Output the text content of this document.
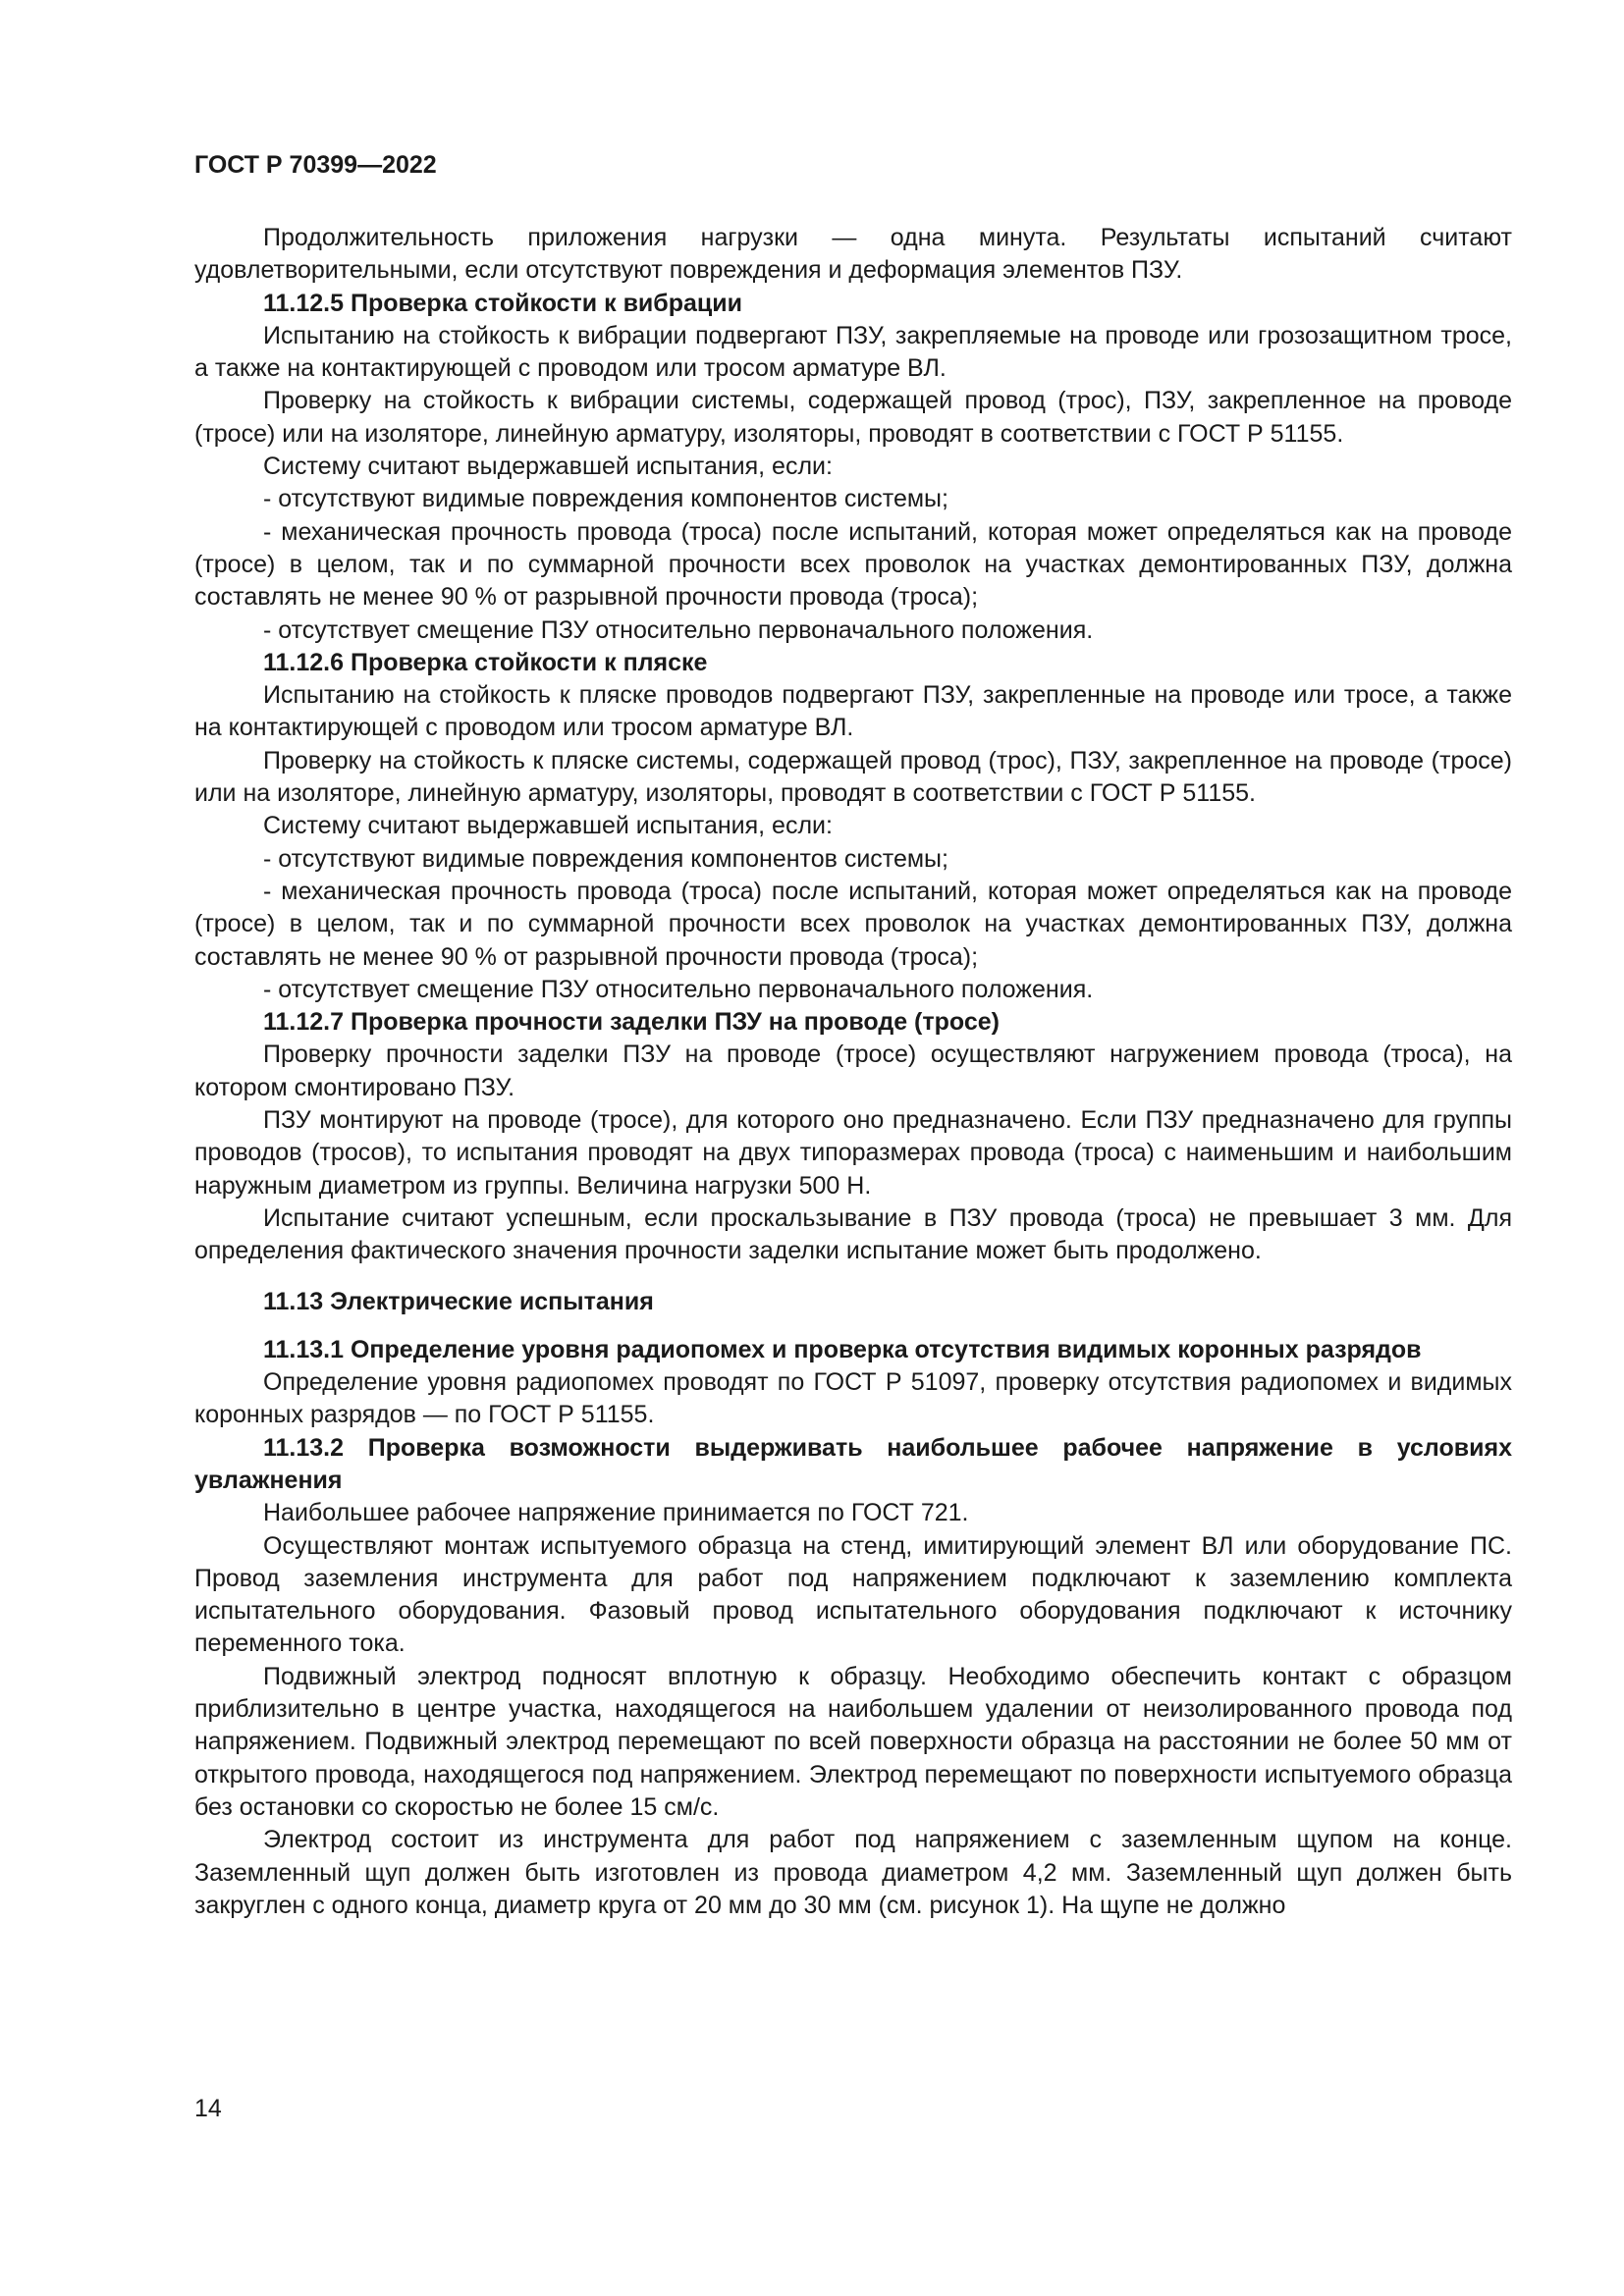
ГОСТ Р 70399—2022

Продолжительность приложения нагрузки — одна минута. Результаты испытаний считают удовлетворительными, если отсутствуют повреждения и деформация элементов ПЗУ.

11.12.5 Проверка стойкости к вибрации

Испытанию на стойкость к вибрации подвергают ПЗУ, закрепляемые на проводе или грозозащитном тросе, а также на контактирующей с проводом или тросом арматуре ВЛ.

Проверку на стойкость к вибрации системы, содержащей провод (трос), ПЗУ, закрепленное на проводе (тросе) или на изоляторе, линейную арматуру, изоляторы, проводят в соответствии с ГОСТ Р 51155.

Систему считают выдержавшей испытания, если:

- отсутствуют видимые повреждения компонентов системы;

- механическая прочность провода (троса) после испытаний, которая может определяться как на проводе (тросе) в целом, так и по суммарной прочности всех проволок на участках демонтированных ПЗУ, должна составлять не менее 90 % от разрывной прочности провода (троса);

- отсутствует смещение ПЗУ относительно первоначального положения.

11.12.6 Проверка стойкости к пляске

Испытанию на стойкость к пляске проводов подвергают ПЗУ, закрепленные на проводе или тросе, а также на контактирующей с проводом или тросом арматуре ВЛ.

Проверку на стойкость к пляске системы, содержащей провод (трос), ПЗУ, закрепленное на проводе (тросе) или на изоляторе, линейную арматуру, изоляторы, проводят в соответствии с ГОСТ Р 51155.

Систему считают выдержавшей испытания, если:

- отсутствуют видимые повреждения компонентов системы;

- механическая прочность провода (троса) после испытаний, которая может определяться как на проводе (тросе) в целом, так и по суммарной прочности всех проволок на участках демонтированных ПЗУ, должна составлять не менее 90 % от разрывной прочности провода (троса);

- отсутствует смещение ПЗУ относительно первоначального положения.

11.12.7 Проверка прочности заделки ПЗУ на проводе (тросе)

Проверку прочности заделки ПЗУ на проводе (тросе) осуществляют нагружением провода (троса), на котором смонтировано ПЗУ.

ПЗУ монтируют на проводе (тросе), для которого оно предназначено. Если ПЗУ предназначено для группы проводов (тросов), то испытания проводят на двух типоразмерах провода (троса) с наименьшим и наибольшим наружным диаметром из группы. Величина нагрузки 500 Н.

Испытание считают успешным, если проскальзывание в ПЗУ провода (троса) не превышает 3 мм. Для определения фактического значения прочности заделки испытание может быть продолжено.

11.13 Электрические испытания

11.13.1 Определение уровня радиопомех и проверка отсутствия видимых коронных разрядов

Определение уровня радиопомех проводят по ГОСТ Р 51097, проверку отсутствия радиопомех и видимых коронных разрядов — по ГОСТ Р 51155.

11.13.2 Проверка возможности выдерживать наибольшее рабочее напряжение в условиях увлажнения

Наибольшее рабочее напряжение принимается по ГОСТ 721.

Осуществляют монтаж испытуемого образца на стенд, имитирующий элемент ВЛ или оборудование ПС. Провод заземления инструмента для работ под напряжением подключают к заземлению комплекта испытательного оборудования. Фазовый провод испытательного оборудования подключают к источнику переменного тока.

Подвижный электрод подносят вплотную к образцу. Необходимо обеспечить контакт с образцом приблизительно в центре участка, находящегося на наибольшем удалении от неизолированного провода под напряжением. Подвижный электрод перемещают по всей поверхности образца на расстоянии не более 50 мм от открытого провода, находящегося под напряжением. Электрод перемещают по поверхности испытуемого образца без остановки со скоростью не более 15 см/с.

Электрод состоит из инструмента для работ под напряжением с заземленным щупом на конце. Заземленный щуп должен быть изготовлен из провода диаметром 4,2 мм. Заземленный щуп должен быть закруглен с одного конца, диаметр круга от 20 мм до 30 мм (см. рисунок 1). На щупе не должно

14
